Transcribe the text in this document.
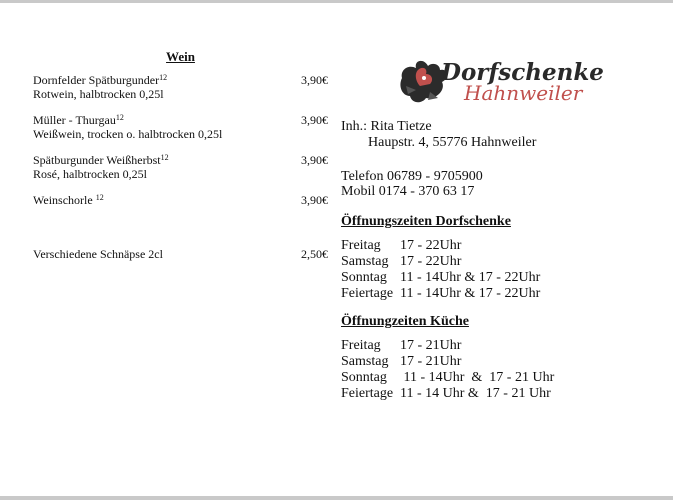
Wein
Dornfelder Spätburgunder$^{12}$
Rotwein, halbtrocken 0,25l
3,90€
Müller - Thurgau$^{12}$
Weißwein, trocken o. halbtrocken 0,25l
3,90€
Spätburgunder Weißherbst$^{12}$
Rosé, halbtrocken 0,25l
3,90€
Weinschorle $^{12}$	3,90€
Verschiedene Schnäpse 2cl	2,50€
Dorfschenke
Hahnweiler
Inh.: Rita Tietze
Haupstr. 4, 55776 Hahnweiler
Telefon 06789 - 9705900
Mobil 0174 - 370 63 17
Öffnungszeiten Dorfschenke
Freitag 17 - 22Uhr
Samstag 17 - 22Uhr
Sonntag 11 - 14Uhr & 17 - 22Uhr
Feiertage 11 - 14Uhr & 17 - 22Uhr
Öffnungzeiten Küche
Freitag 17 - 21Uhr
Samstag 17 - 21Uhr
Sonntag 11 - 14Uhr  &  17 - 21 Uhr
Feiertage 11 - 14 Uhr &  17 - 21 Uhr
